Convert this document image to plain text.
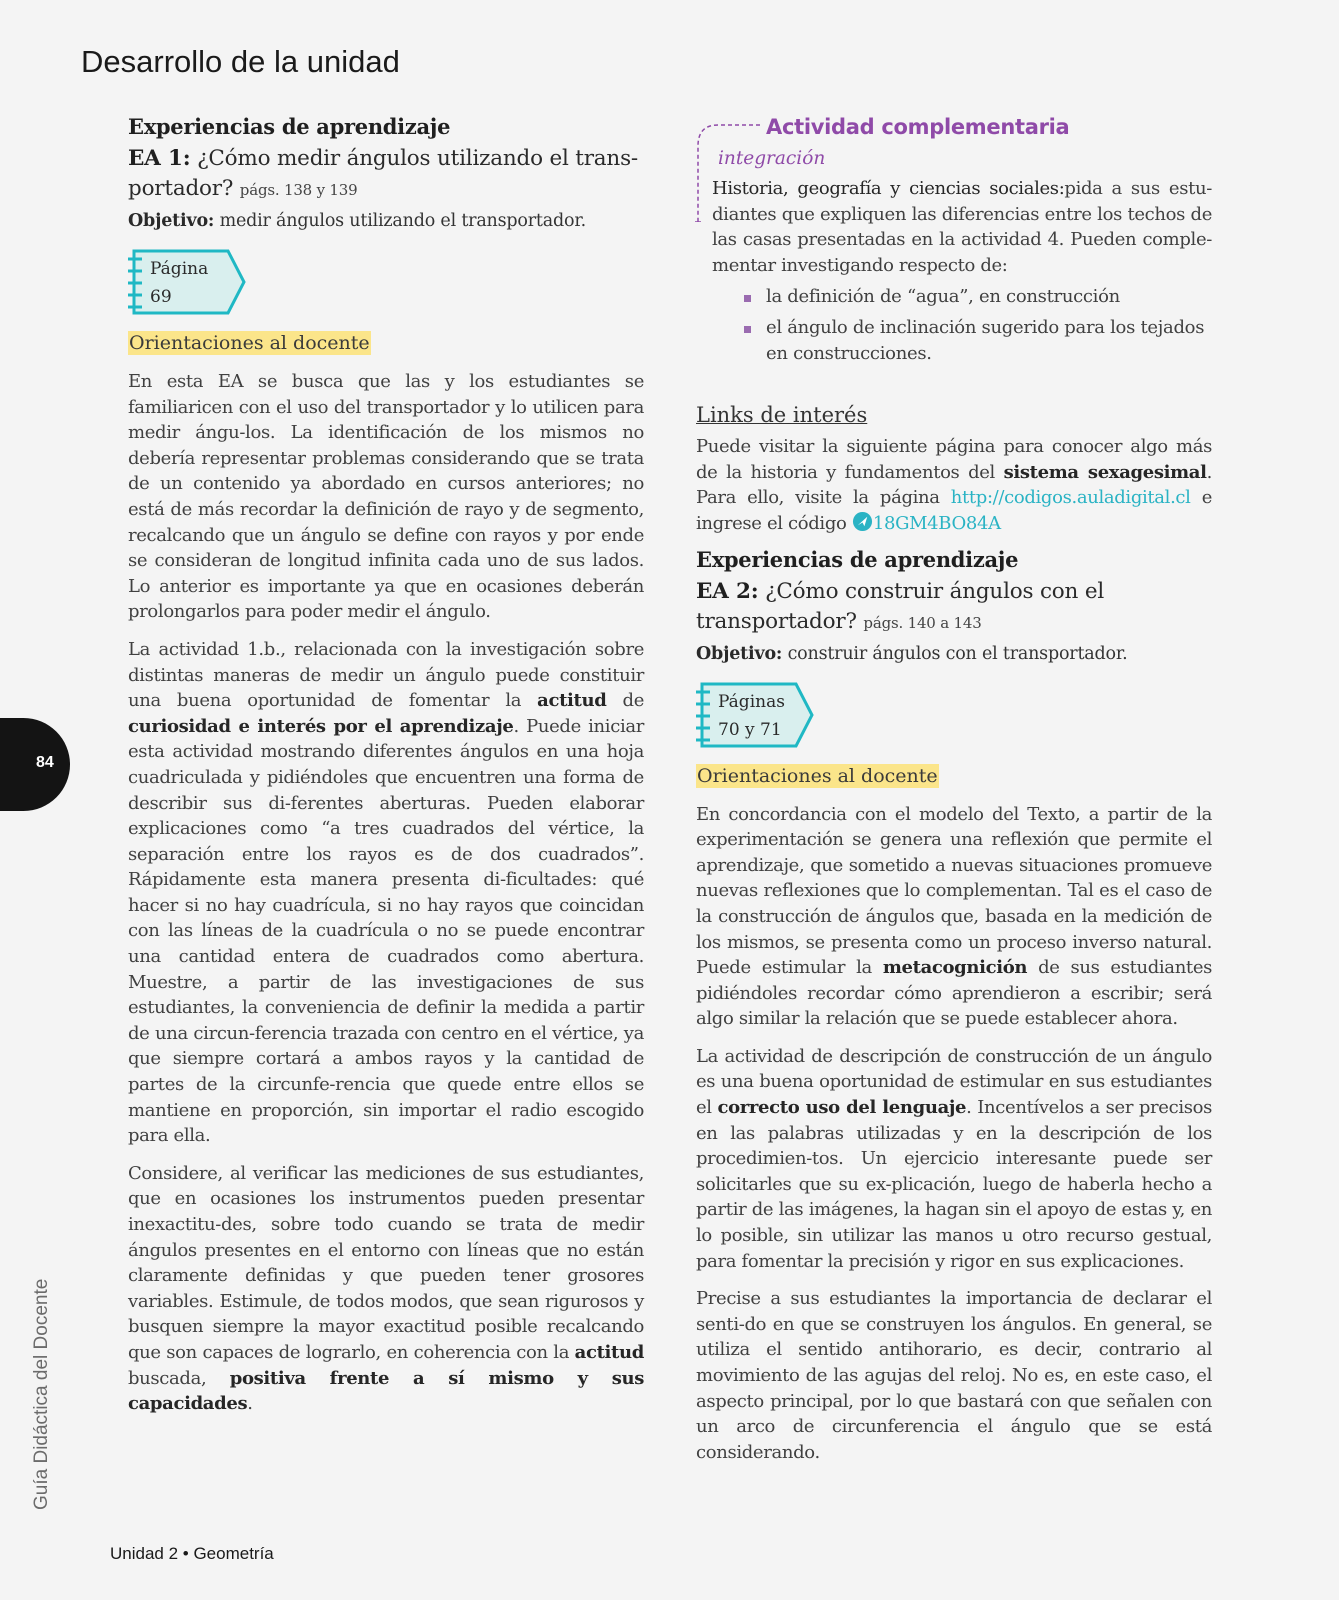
Desarrollo de la unidad
Experiencias de aprendizaje
EA 1: ¿Cómo medir ángulos utilizando el trans-
portador? págs. 138 y 139
Objetivo: medir ángulos utilizando el transportador.
Página
69
Orientaciones al docente

En esta EA se busca que las y los estudiantes se familiaricen con el uso del transportador y lo utilicen para medir ángu-los. La identificación de los mismos no debería representar problemas considerando que se trata de un contenido ya abordado en cursos anteriores; no está de más recordar la definición de rayo y de segmento, recalcando que un ángulo se define con rayos y por ende se consideran de longitud infinita cada uno de sus lados. Lo anterior es importante ya que en ocasiones deberán prolongarlos para poder medir el ángulo.

La actividad 1.b., relacionada con la investigación sobre distintas maneras de medir un ángulo puede constituir una buena oportunidad de fomentar la actitud de curiosidad e interés por el aprendizaje. Puede iniciar esta actividad mostrando diferentes ángulos en una hoja cuadriculada y pidiéndoles que encuentren una forma de describir sus di-ferentes aberturas. Pueden elaborar explicaciones como “a tres cuadrados del vértice, la separación entre los rayos es de dos cuadrados”. Rápidamente esta manera presenta di-ficultades: qué hacer si no hay cuadrícula, si no hay rayos que coincidan con las líneas de la cuadrícula o no se puede encontrar una cantidad entera de cuadrados como abertura. Muestre, a partir de las investigaciones de sus estudiantes, la conveniencia de definir la medida a partir de una circun-ferencia trazada con centro en el vértice, ya que siempre cortará a ambos rayos y la cantidad de partes de la circunfe-rencia que quede entre ellos se mantiene en proporción, sin importar el radio escogido para ella.

Considere, al verificar las mediciones de sus estudiantes, que en ocasiones los instrumentos pueden presentar inexactitu-des, sobre todo cuando se trata de medir ángulos presentes en el entorno con líneas que no están claramente definidas y que pueden tener grosores variables. Estimule, de todos modos, que sean rigurosos y busquen siempre la mayor exactitud posible recalcando que son capaces de lograrlo, en coherencia con la actitud buscada, positiva frente a sí mismo y sus capacidades.

Actividad complementaria
integración

Historia, geografía y ciencias sociales:pida a sus estu-diantes que expliquen las diferencias entre los techos de las casas presentadas en la actividad 4. Pueden comple-mentar investigando respecto de:

la definición de “agua”, en construcción
el ángulo de inclinación sugerido para los tejados en construcciones.
Links de interés

Puede visitar la siguiente página para conocer algo más de la historia y fundamentos del sistema sexagesimal. Para ello, visite la página http://codigos.auladigital.cl e ingrese el código 18GM4BO84A

Experiencias de aprendizaje
EA 2: ¿Cómo construir ángulos con el
transportador? págs. 140 a 143
Objetivo: construir ángulos con el transportador.
Páginas
70 y 71
Orientaciones al docente

En concordancia con el modelo del Texto, a partir de la experimentación se genera una reflexión que permite el aprendizaje, que sometido a nuevas situaciones promueve nuevas reflexiones que lo complementan. Tal es el caso de la construcción de ángulos que, basada en la medición de los mismos, se presenta como un proceso inverso natural. Puede estimular la metacognición de sus estudiantes pidiéndoles recordar cómo aprendieron a escribir; será algo similar la relación que se puede establecer ahora.

La actividad de descripción de construcción de un ángulo es una buena oportunidad de estimular en sus estudiantes el correcto uso del lenguaje. Incentívelos a ser precisos en las palabras utilizadas y en la descripción de los procedimien-tos. Un ejercicio interesante puede ser solicitarles que su ex-plicación, luego de haberla hecho a partir de las imágenes, la hagan sin el apoyo de estas y, en lo posible, sin utilizar las manos u otro recurso gestual, para fomentar la precisión y rigor en sus explicaciones.

Precise a sus estudiantes la importancia de declarar el senti-do en que se construyen los ángulos. En general, se utiliza el sentido antihorario, es decir, contrario al movimiento de las agujas del reloj. No es, en este caso, el aspecto principal, por lo que bastará con que señalen con un arco de circunferencia el ángulo que se está considerando.

84
Guía Didáctica del Docente
Unidad 2 • Geometría
